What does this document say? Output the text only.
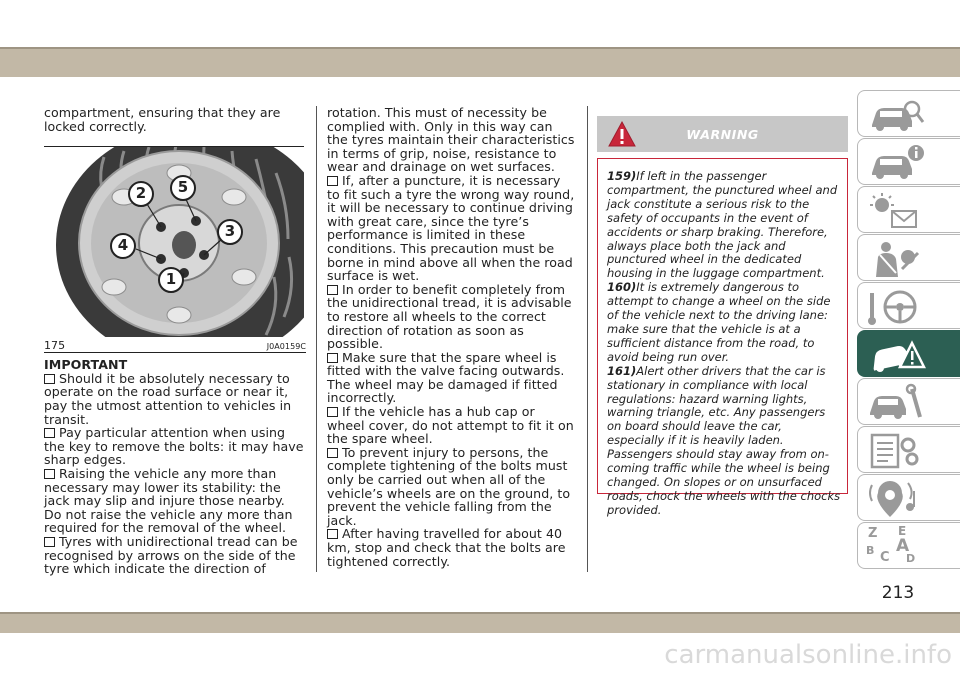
compartment, ensuring that they are locked correctly.
2	5
3
4
1
175	J0A0159C
IMPORTANT
Should it be absolutely necessary to operate on the road surface or near it, pay the utmost attention to vehicles in transit.
Pay particular attention when using the key to remove the bolts: it may have sharp edges.
Raising the vehicle any more than necessary may lower its stability: the jack may slip and injure those nearby. Do not raise the vehicle any more than required for the removal of the wheel.
Tyres with unidirectional tread can be recognised by arrows on the side of the tyre which indicate the direction of
rotation. This must of necessity be complied with. Only in this way can the tyres maintain their characteristics in terms of grip, noise, resistance to wear and drainage on wet surfaces.
If, after a puncture, it is necessary to fit such a tyre the wrong way round, it will be necessary to continue driving with great care, since the tyre’s performance is limited in these conditions. This precaution must be borne in mind above all when the road surface is wet.
In order to benefit completely from the unidirectional tread, it is advisable to restore all wheels to the correct direction of rotation as soon as possible.
Make sure that the spare wheel is fitted with the valve facing outwards. The wheel may be damaged if fitted incorrectly.
If the vehicle has a hub cap or wheel cover, do not attempt to fit it on the spare wheel.
To prevent injury to persons, the complete tightening of the bolts must only be carried out when all of the vehicle’s wheels are on the ground, to prevent the vehicle falling from the jack.
After having travelled for about 40 km, stop and check that the bolts are tightened correctly.
WARNING
159)If left in the passenger compartment, the punctured wheel and jack constitute a serious risk to the safety of occupants in the event of accidents or sharp braking. Therefore, always place both the jack and punctured wheel in the dedicated housing in the luggage compartment.
160)It is extremely dangerous to attempt to change a wheel on the side of the vehicle next to the driving lane: make sure that the vehicle is at a sufficient distance from the road, to avoid being run over.
161)Alert other drivers that the car is stationary in compliance with local regulations: hazard warning lights, warning triangle, etc. Any passengers on board should leave the car, especially if it is heavily laden. Passengers should stay away from on-coming traffic while the wheel is being changed. On slopes or on unsurfaced roads, chock the wheels with the chocks provided.
Z E
B A
C D
213
carmanualsonline.info
